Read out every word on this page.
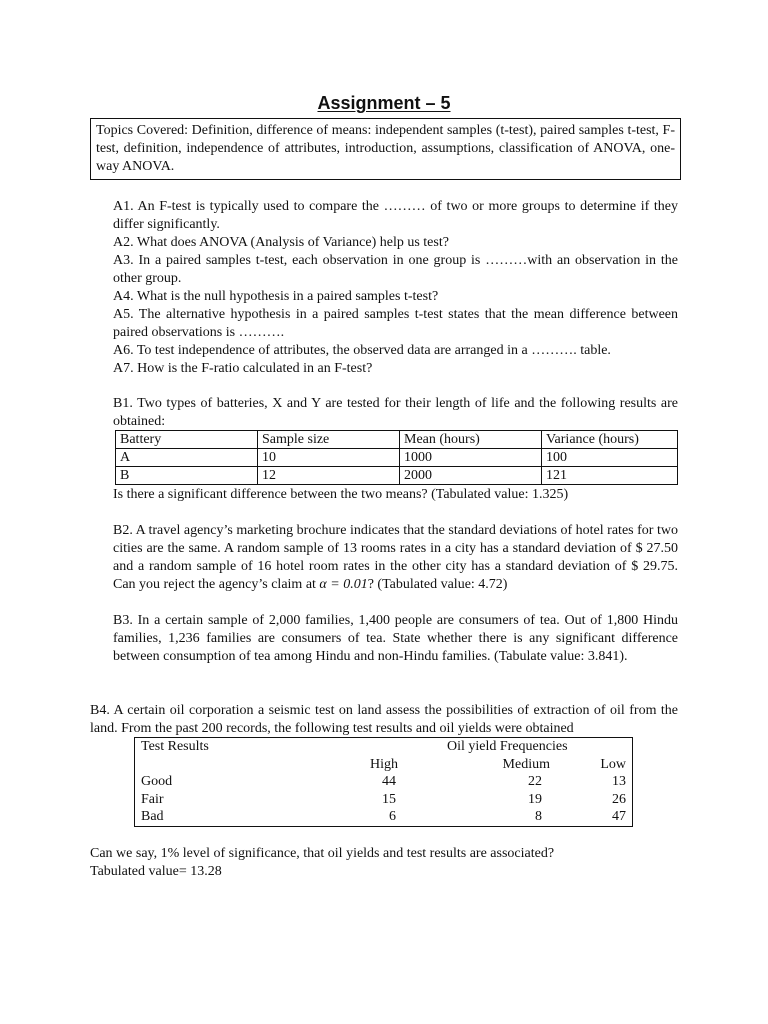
Assignment – 5
Topics Covered: Definition, difference of means: independent samples (t-test), paired samples t-test, F-test, definition, independence of attributes, introduction, assumptions, classification of ANOVA, one-way ANOVA.

A1. An F-test is typically used to compare the ……… of two or more groups to determine if they differ significantly.

A2. What does ANOVA (Analysis of Variance) help us test?

A3. In a paired samples t-test, each observation in one group is ………with an observation in the other group.

A4. What is the null hypothesis in a paired samples t-test?

A5. The alternative hypothesis in a paired samples t-test states that the mean difference between paired observations is ……….

A6. To test independence of attributes, the observed data are arranged in a ………. table.

A7. How is the F-ratio calculated in an F-test?

B1. Two types of batteries, X and Y are tested for their length of life and the following results are obtained:
Battery	Sample size	Mean (hours)	Variance (hours)
A	10	1000	100
B	12	2000	121
Is there a significant difference between the two means? (Tabulated value: 1.325)
B2. A travel agency’s marketing brochure indicates that the standard deviations of hotel rates for two cities are the same. A random sample of 13 rooms rates in a city has a standard deviation of $ 27.50 and a random sample of 16 hotel room rates in the other city has a standard deviation of $ 29.75. Can you reject the agency’s claim at α = 0.01? (Tabulated value: 4.72)
B3. In a certain sample of 2,000 families, 1,400 people are consumers of tea. Out of 1,800 Hindu families, 1,236 families are consumers of tea. State whether there is any significant difference between consumption of tea among Hindu and non-Hindu families. (Tabulate value: 3.841).
B4. A certain oil corporation a seismic test on land assess the possibilities of extraction of oil from the land. From the past 200 records, the following test results and oil yields were obtained
Test Results	Oil yield Frequencies		
	High	Medium	Low
Good	44	22	13
Fair	15	19	26
Bad	6	8	47

Can we say, 1% level of significance, that oil yields and test results are associated?

Tabulated value= 13.28
